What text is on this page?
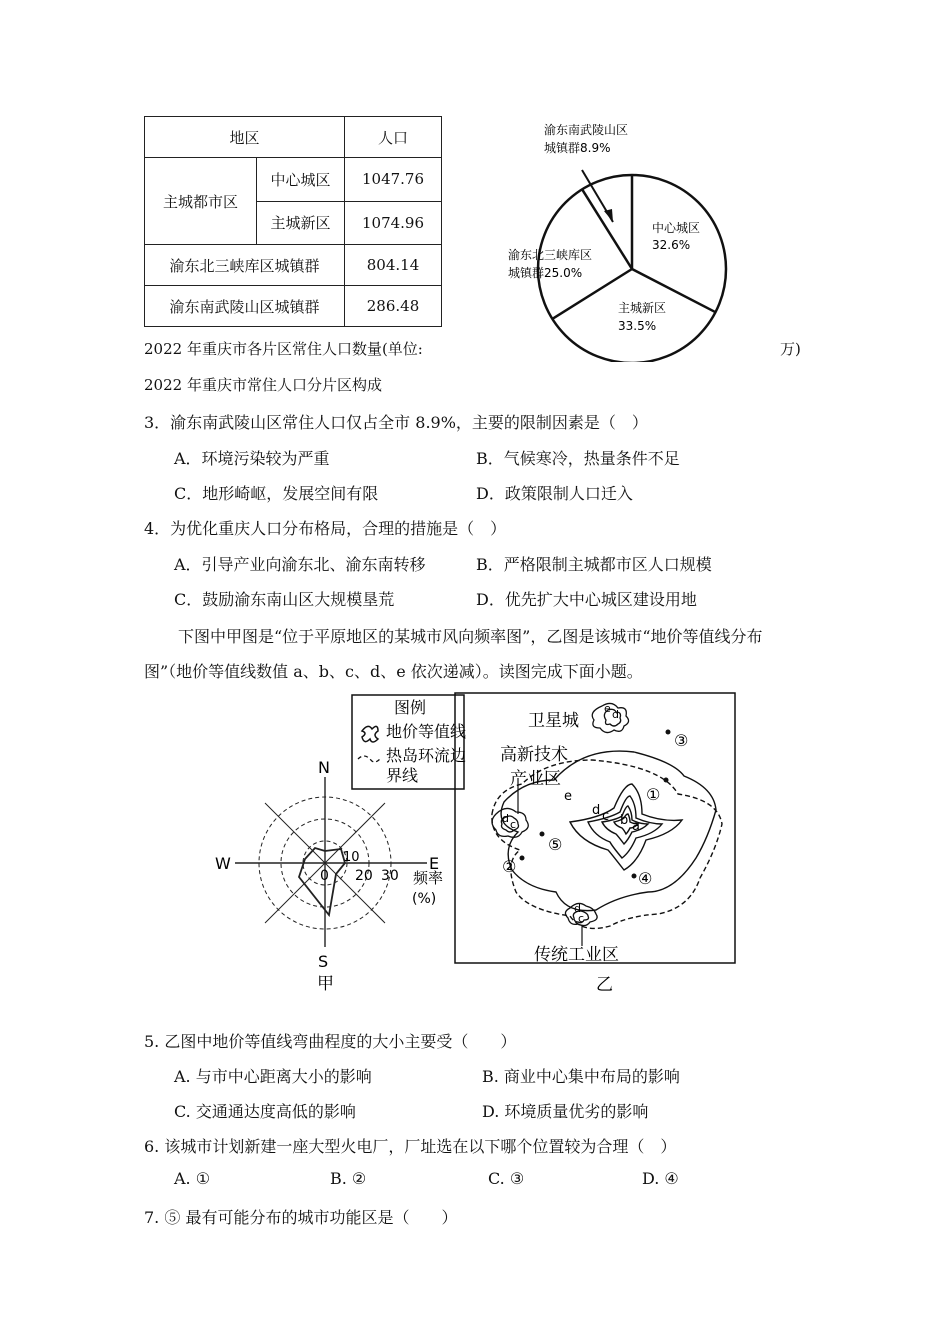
地区		人口
主城都市区	中心城区	1047.76
	主城新区	1074.96
渝东北三峡库区城镇群		804.14
渝东南武陵山区城镇群		286.48
渝东南武陵山区
城镇群8.9%
中心城区
32.6%
渝东北三峡库区
城镇群25.0%
主城新区
33.5%
2022 年重庆市各片区常住人口数量(单位:	万)
2022 年重庆市常住人口分片区构成
3．渝东南武陵山区常住人口仅占全市 8.9%，主要的限制因素是（　）
A．环境污染较为严重	B．气候寒冷，热量条件不足
C．地形崎岖，发展空间有限	D．政策限制人口迁入
4．为优化重庆人口分布格局，合理的措施是（　）
A．引导产业向渝东北、渝东南转移	B．严格限制主城都市区人口规模
C．鼓励渝东南山区大规模垦荒	D．优先扩大中心城区建设用地
下图中甲图是“位于平原地区的某城市风向频率图”，乙图是该城市“地价等值线分布
图”（地价等值线数值 a、b、c、d、e 依次递减）。读图完成下面小题。
N
S
W	E
0
10
20 30 频率
(%)
甲
图例
地价等值线
热岛环流边
界线
卫星城
高新技术
产业区
传统工业区
乙
a
b
c
d
e
e d
d c
d
c
③
①
⑤
②
④
5. 乙图中地价等值线弯曲程度的大小主要受（　　）
A. 与市中心距离大小的影响	B. 商业中心集中布局的影响
C. 交通通达度高低的影响	D. 环境质量优劣的影响
6. 该城市计划新建一座大型火电厂，厂址选在以下哪个位置较为合理（　）
A. ①	B. ②	C. ③	D. ④
7. ⑤ 最有可能分布的城市功能区是（　　）
